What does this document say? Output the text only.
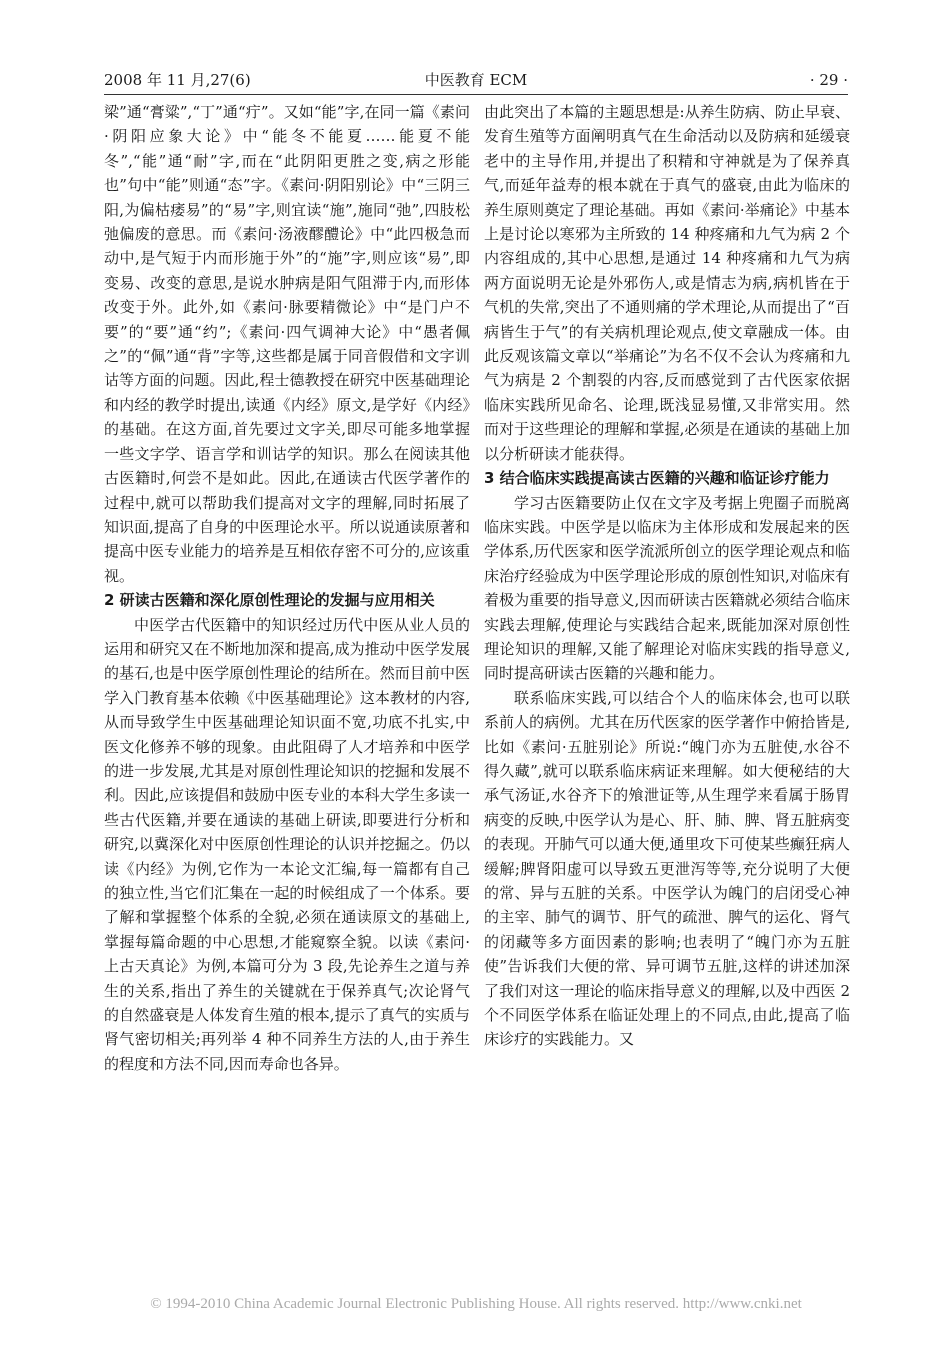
2008 年 11 月,27(6)	中医教育 ECM	· 29 ·

梁”通“膏粱”,“丁”通“疔”。又如“能”字,在同一篇《素问·阴阳应象大论》中“能冬不能夏……能夏不能冬”,“能”通“耐”字,而在“此阴阳更胜之变,病之形能也”句中“能”则通“态”字。《素问·阴阳别论》中“三阴三阳,为偏枯痿易”的“易”字,则宜读“施”,施同“弛”,四肢松弛偏废的意思。而《素问·汤液醪醴论》中“此四极急而动中,是气短于内而形施于外”的“施”字,则应该“易”,即变易、改变的意思,是说水肿病是阳气阻滞于内,而形体改变于外。此外,如《素问·脉要精微论》中“是门户不要”的“要”通“约”;《素问·四气调神大论》中“愚者佩之”的“佩”通“背”字等,这些都是属于同音假借和文字训诂等方面的问题。因此,程士德教授在研究中医基础理论和内经的教学时提出,读通《内经》原文,是学好《内经》的基础。在这方面,首先要过文字关,即尽可能多地掌握一些文字学、语言学和训诂学的知识。那么在阅读其他古医籍时,何尝不是如此。因此,在通读古代医学著作的过程中,就可以帮助我们提高对文字的理解,同时拓展了知识面,提高了自身的中医理论水平。所以说通读原著和提高中医专业能力的培养是互相依存密不可分的,应该重视。

2 研读古医籍和深化原创性理论的发掘与应用相关

中医学古代医籍中的知识经过历代中医从业人员的运用和研究又在不断地加深和提高,成为推动中医学发展的基石,也是中医学原创性理论的结所在。然而目前中医学入门教育基本依赖《中医基础理论》这本教材的内容,从而导致学生中医基础理论知识面不宽,功底不扎实,中医文化修养不够的现象。由此阻碍了人才培养和中医学的进一步发展,尤其是对原创性理论知识的挖掘和发展不利。因此,应该提倡和鼓励中医专业的本科大学生多读一些古代医籍,并要在通读的基础上研读,即要进行分析和研究,以冀深化对中医原创性理论的认识并挖掘之。仍以读《内经》为例,它作为一本论文汇编,每一篇都有自己的独立性,当它们汇集在一起的时候组成了一个体系。要了解和掌握整个体系的全貌,必须在通读原文的基础上,掌握每篇命题的中心思想,才能窥察全貌。以读《素问·上古天真论》为例,本篇可分为 3 段,先论养生之道与养生的关系,指出了养生的关键就在于保养真气;次论肾气的自然盛衰是人体发育生殖的根本,提示了真气的实质与肾气密切相关;再列举 4 种不同养生方法的人,由于养生的程度和方法不同,因而寿命也各异。

由此突出了本篇的主题思想是:从养生防病、防止早衰、发育生殖等方面阐明真气在生命活动以及防病和延缓衰老中的主导作用,并提出了积精和守神就是为了保养真气,而延年益寿的根本就在于真气的盛衰,由此为临床的养生原则奠定了理论基础。再如《素问·举痛论》中基本上是讨论以寒邪为主所致的 14 种疼痛和九气为病 2 个内容组成的,其中心思想,是通过 14 种疼痛和九气为病两方面说明无论是外邪伤人,或是情志为病,病机皆在于气机的失常,突出了不通则痛的学术理论,从而提出了“百病皆生于气”的有关病机理论观点,使文章融成一体。由此反观该篇文章以“举痛论”为名不仅不会认为疼痛和九气为病是 2 个割裂的内容,反而感觉到了古代医家依据临床实践所见命名、论理,既浅显易懂,又非常实用。然而对于这些理论的理解和掌握,必须是在通读的基础上加以分析研读才能获得。

3 结合临床实践提高读古医籍的兴趣和临证诊疗能力

学习古医籍要防止仅在文字及考据上兜圈子而脱离临床实践。中医学是以临床为主体形成和发展起来的医学体系,历代医家和医学流派所创立的医学理论观点和临床治疗经验成为中医学理论形成的原创性知识,对临床有着极为重要的指导意义,因而研读古医籍就必须结合临床实践去理解,使理论与实践结合起来,既能加深对原创性理论知识的理解,又能了解理论对临床实践的指导意义,同时提高研读古医籍的兴趣和能力。

联系临床实践,可以结合个人的临床体会,也可以联系前人的病例。尤其在历代医家的医学著作中俯拾皆是,比如《素问·五脏别论》所说:“魄门亦为五脏使,水谷不得久藏”,就可以联系临床病证来理解。如大便秘结的大承气汤证,水谷齐下的飧泄证等,从生理学来看属于肠胃病变的反映,中医学认为是心、肝、肺、脾、肾五脏病变的表现。开肺气可以通大便,通里攻下可使某些癫狂病人缓解;脾肾阳虚可以导致五更泄泻等等,充分说明了大便的常、异与五脏的关系。中医学认为魄门的启闭受心神的主宰、肺气的调节、肝气的疏泄、脾气的运化、肾气的闭藏等多方面因素的影响;也表明了“魄门亦为五脏使”告诉我们大便的常、异可调节五脏,这样的讲述加深了我们对这一理论的临床指导意义的理解,以及中西医 2 个不同医学体系在临证处理上的不同点,由此,提高了临床诊疗的实践能力。又

© 1994-2010 China Academic Journal Electronic Publishing House. All rights reserved. http://www.cnki.net
